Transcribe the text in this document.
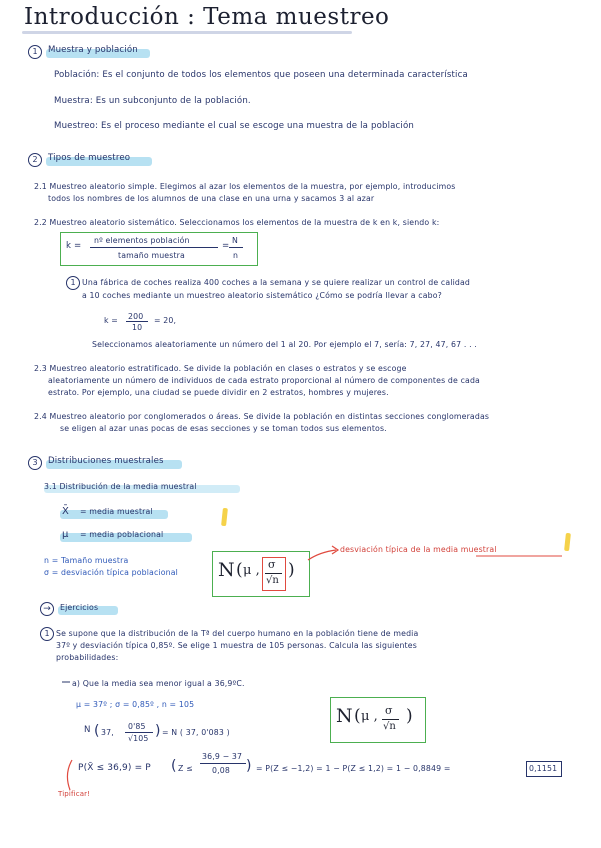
Introducción : Tema muestreo
1	Muestra y población
Población: Es el conjunto de todos los elementos que poseen una determinada característica
Muestra: Es un subconjunto de la población.
Muestreo: Es el proceso mediante el cual se escoge una muestra de la población
2	Tipos de muestreo
2.1 Muestreo aleatorio simple. Elegimos al azar los elementos de la muestra, por ejemplo, introducimos
todos los nombres de los alumnos de una clase en una urna y sacamos 3 al azar
2.2 Muestreo aleatorio sistemático. Seleccionamos los elementos de la muestra de k en k, siendo k:
k =
nº elementos población
tamaño muestra
=
N
n
1 Una fábrica de coches realiza 400 coches a la semana y se quiere realizar un control de calidad
a 10 coches mediante un muestreo aleatorio sistemático ¿Cómo se podría llevar a cabo?
k = 200
10
= 20,
Seleccionamos aleatoriamente un número del 1 al 20. Por ejemplo el 7, sería: 7, 27, 47, 67 . . .
2.3 Muestreo aleatorio estratificado. Se divide la población en clases o estratos y se escoge
aleatoriamente un número de individuos de cada estrato proporcional al número de componentes de cada
estrato. Por ejemplo, una ciudad se puede dividir en 2 estratos, hombres y mujeres.
2.4 Muestreo aleatorio por conglomerados o áreas. Se divide la población en distintas secciones conglomeradas
se eligen al azar unas pocas de esas secciones y se toman todos sus elementos.
3	Distribuciones muestrales
3.1 Distribución de la media muestral
X̄ = media muestral
μ = media poblacional
n = Tamaño muestra
σ = desviación típica poblacional N ( μ , σ
√n
)
desviación típica de la media muestral
→	Ejercicios
1 Se supone que la distribución de la Tª del cuerpo humano en la población tiene de media
37º y desviación típica 0,85º. Se elige 1 muestra de 105 personas. Calcula las siguientes
probabilidades:
a) Que la media sea menor igual a 36,9ºC.
μ = 37º ; σ = 0,85º , n = 105
N ( 37,
0'85
√105 ) = N ( 37, 0'083 )
N ( μ , σ
√n
)
P(X̄ ≤ 36,9) = P ( Z ≤
36,9 − 37
0,08 ) = P(Z ≤ −1,2) = 1 − P(Z ≤ 1,2) = 1 − 0,8849 =	0,1151
Tipificar!
